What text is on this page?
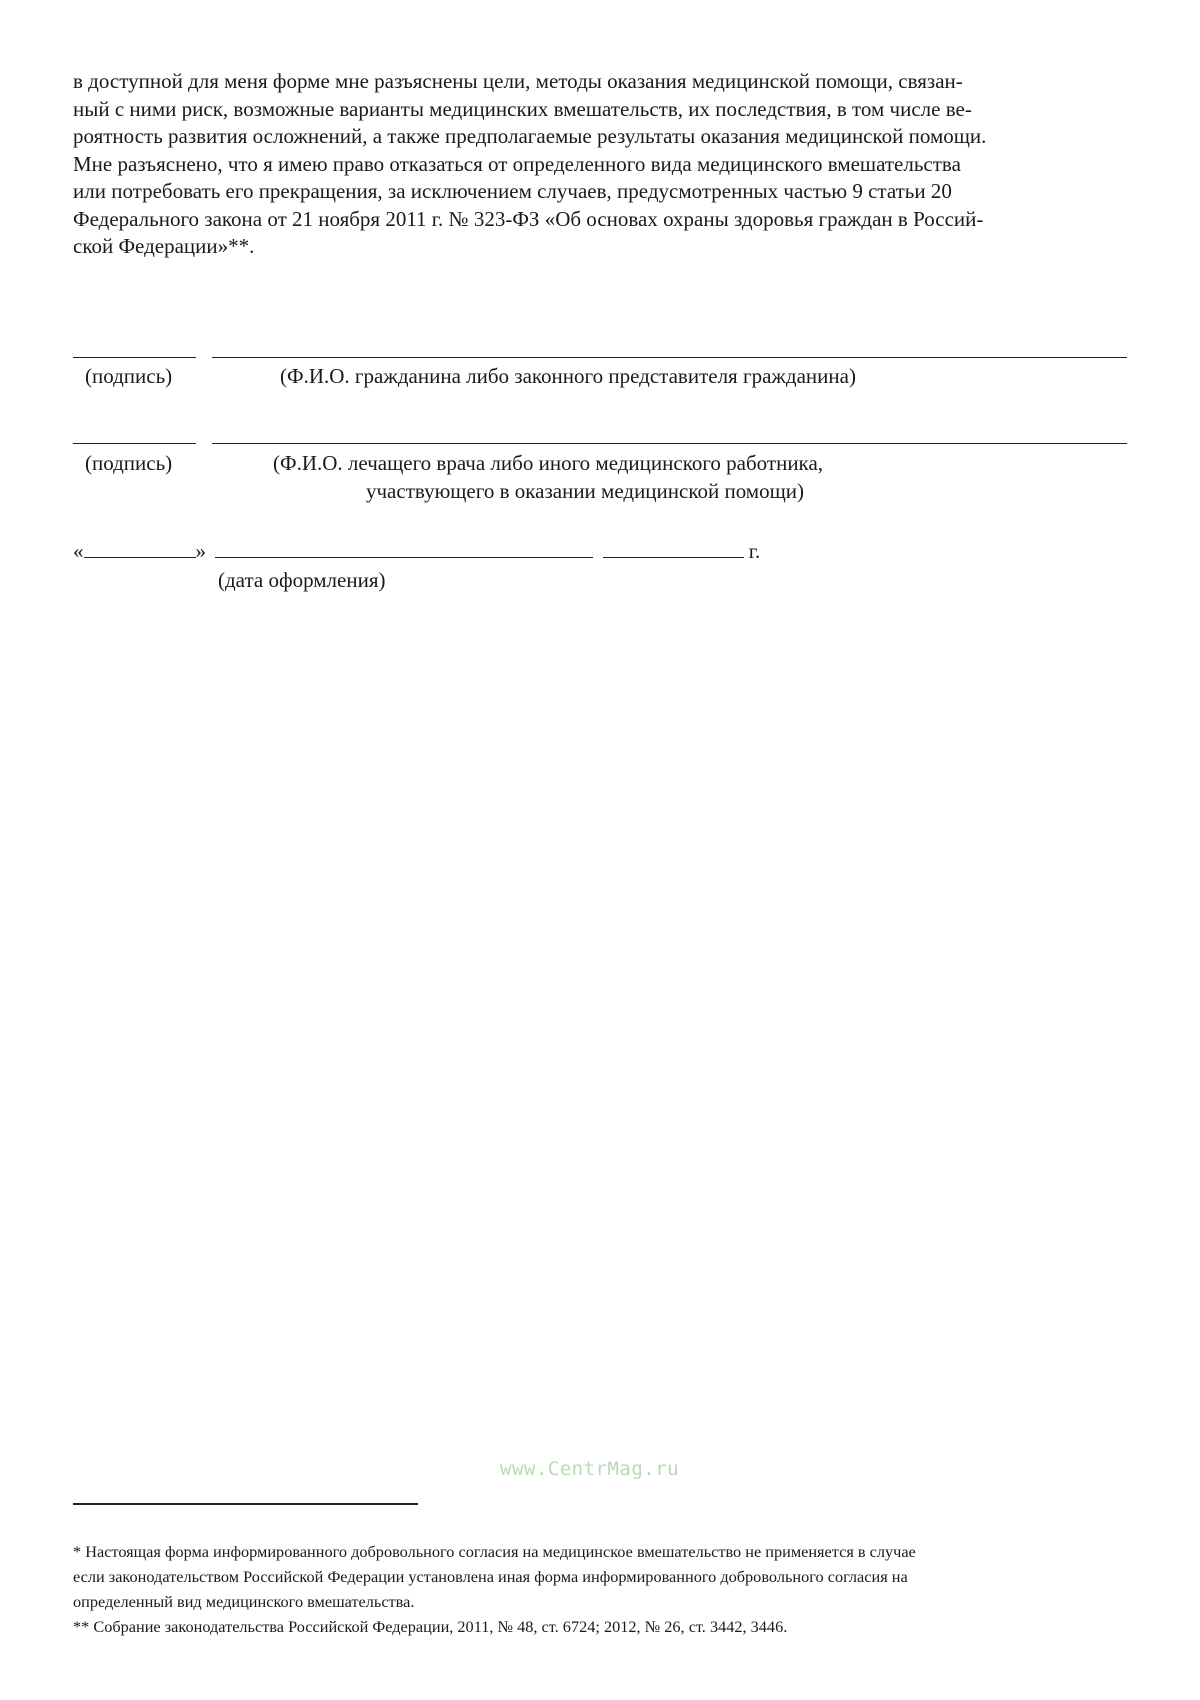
в доступной для меня форме мне разъяснены цели, методы оказания медицинской помощи, связан-
ный с ними риск, возможные варианты медицинских вмешательств, их последствия, в том числе ве-
роятность развития осложнений, а также предполагаемые результаты оказания медицинской помощи.
Мне разъяснено, что я имею право отказаться от определенного вида медицинского вмешательства
или потребовать его прекращения, за исключением случаев, предусмотренных частью 9 статьи 20
Федерального закона от 21 ноября 2011 г. № 323-ФЗ «Об основах охраны здоровья граждан в Россий-
ской Федерации»**.
(подпись)	(Ф.И.О. гражданина либо законного представителя гражданина)
(подпись)	(Ф.И.О. лечащего врача либо иного медицинского работника,
участвующего в оказании медицинской помощи)
«	»	г.
(дата оформления)
www.CentrMag.ru
* Настоящая форма информированного добровольного согласия на медицинское вмешательство не применяется в случае
если законодательством Российской Федерации установлена иная форма информированного добровольного согласия на
определенный вид медицинского вмешательства.
** Собрание законодательства Российской Федерации, 2011, № 48, ст. 6724; 2012, № 26, ст. 3442, 3446.
